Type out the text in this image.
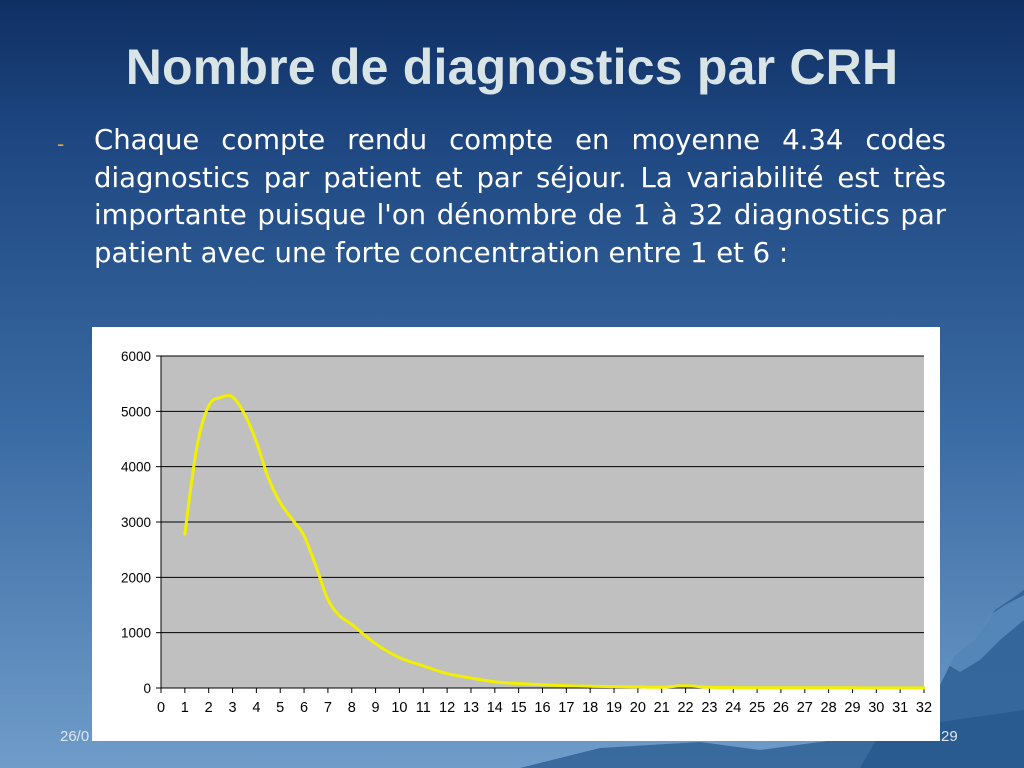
Nombre de diagnostics par CRH
- Chaque compte rendu compte en moyenne 4.34 codes diagnostics par patient et par séjour. La variabilité est très importante puisque l'on dénombre de 1 à 32 diagnostics par patient avec une forte concentration entre 1 et 6 :
0
1000
2000
3000
4000
5000
6000
0 1 2 3 4 5 6 7 8 9 10 11 12 13 14 15 16 17 18 19 20 21 22 23 24 25 26 27 28 29 30 31 32
26/0	29
